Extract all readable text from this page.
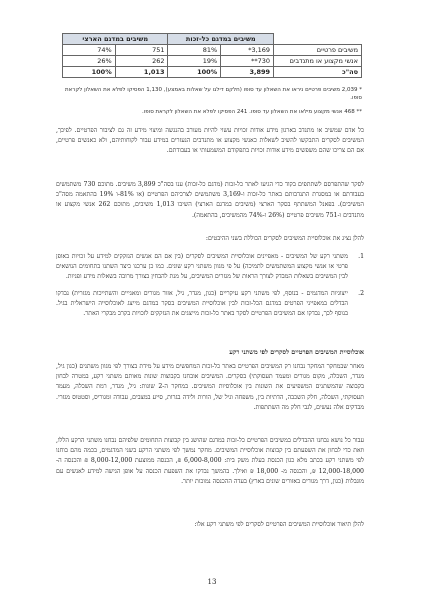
	משיבים במדגם כל-זכות		משיבים במדגם הארצי	
משיבים פרטיים	3,169*	81%	751	74%
אנשי מקצוע או מתנדבים	730**	19%	262	26%
סה"כ	3,899	100%	1,013	100%
* 2,039 משיבים פרטיים ניראו את השאלון עד סופו (חלקם דילגו על שאלות באמצע), 1,130 הפסיקו לפלא את השאלון לקראת סופו.
** 468 אנשי מקצוע מילאו את השאלון עד סופו. 241 הפסיקו לפלא את השאלון לקראת סופו.
כל אדם שמשיב או מתנדב בארגון מידע אודות זכויות עשוי להיות מעורב בהנגשה ומיצוי מידע זה גם לציבור הפרטיים. לפיכך, המשיבים לסקרים התבקשו להשיב לשאלות כאנשי מקצוע או מתנדבים הנעזרים במידע עבור לקוחותיהם, ולא כאנשים פרטיים, אם הם צריכו שהם משפשים מידע אודות זכויות בתפקודם המשמעותי או בעבודתם.
לסקר שהתפרסם לשתתפים בקוד כדי הגיעו לאתר כל-זכות (מדגם כל-זכות) ענו בסה"כ 3,899 משיבים. מתוכם 730 משתמשים בעבודתם או במסגרת התנדבותם באתר כל-זכות ו-3,169 משתמשים לצרכיהם הפרטיים (או 81%-ו 19% בהתאמה מסה"כ המשיבים). בפאנל המשתתף בסקר הארצי (משיבים במדגם הארצי) השיבו 1,013 משיבים, מתוכם 262 אנשי מקצוע או מתנדבים ו-751 משיבים פרטיים (26% ו-74% מהמשיבים, בהתאמה).
להלן נציג את אוכלוסיית המשיבים לסקרים הכוללת בשני ההיבטים:
1.
משתני רקע של המשיבים - מאפיינים אוכלוסיית המשיבים לסקרים (בין אם הם אנשים הנזקקים למידע על זכויות באופן פרטי או אנשי מקצוע המשתמשים לתמיכה) על פי מגוון משתני רקע שונים. כמו כן ערכנו כיצד השתנו בתחומים הנושאים לבין המשיבים בשאלות המבדק לצורך הראות של מגזרים המשיבים, על מנת להבחין בצורך מרובה בשאלות מידע ופניות.
2.
ייצוגיות המדגמים - בנוסף, לפי משתני רקע עיקריים (כגון, מגדר, גיל, אזור מגורים ומאגייים והשתייכות מגזרית) נבדקו הבדלים במאפייני הפרטים במדגם הכל-זכות לבין אוכלוסיית המשיבים בסקר במדגם מייצג לאוכלוסייה הישראלית בגיל. בנוסף לכך, נבדקו אם המשיבים הפרטיים לסקר באתר כל-זכות מייצגים את הנזקקים לזכויות בקרב מבקרי האתר.
אוכלוסיית המשיבים הפרטיים לסקרים לפי משתני רקע
מאחר שבמחקר המחקר נבחנו רק המשיבים הפרטיים באתר כל-זכות המחפשים מידע על מידת בצורך לפי מגוון משתנים (כגון גיל, מגדר, השכלה, מקום מגורים ומעמד תעסוקתי) בסקרים. המשיבים אובחנו בקבוצות שונות מאותם משתני רקע, במטרה לבחון בקבוצה שהמשתנים המשפיעים את השונות בין אוכלוסיות המשיבים. במחקר ה-2 שונות: גיל, מגדר, רמת השכלה, מעמד תעסוקתי, השכלה, חלק השכבה, הדתיות בין, משפחה וגיל של, הורות ולידה בגרות, סייע במצבים, עבודה ומגוריס, וסטטוס מגזרי. מבדקים אלה נעשים, לגבי חלק מה השתתפות.
עבור כל נושא נבחנו ההבדלים במשיבים הפרטיים כל-זכות במדגם שהושג בין קבוצות התחומים שלפיהם נבחנו משתני הרקע הללו, וזאת כדי לבחון את השפעתם בין קבוצות אוכלוסיית המשיבים. מחקר נמשך לפי משתני הרקע בשני המדגמים, בכמה מהם בוחנו לפי משתני רקע בכתב מלא כגון הכנסת בעלת משק בית: 6,000-8,000 ₪, הכנסה ממוצעת 8,000-12,000 ₪ והכנסה ה- 12,000-18,000 ₪, והכנסה מ- 18,000 ₪ ואילך. בהמשך נבדקו את השפעת הכנסה על אופן הגישה למידע לאנשים עם מוגבלות (כגון, דרך מגורים באזורים שונים בארץ) בעדה ההכנסה נמוכות יותר.
להלן תיאור אוכלוסיית המשיבים הפרטיים לסקרים לפי משתני רקע אלו:
13
